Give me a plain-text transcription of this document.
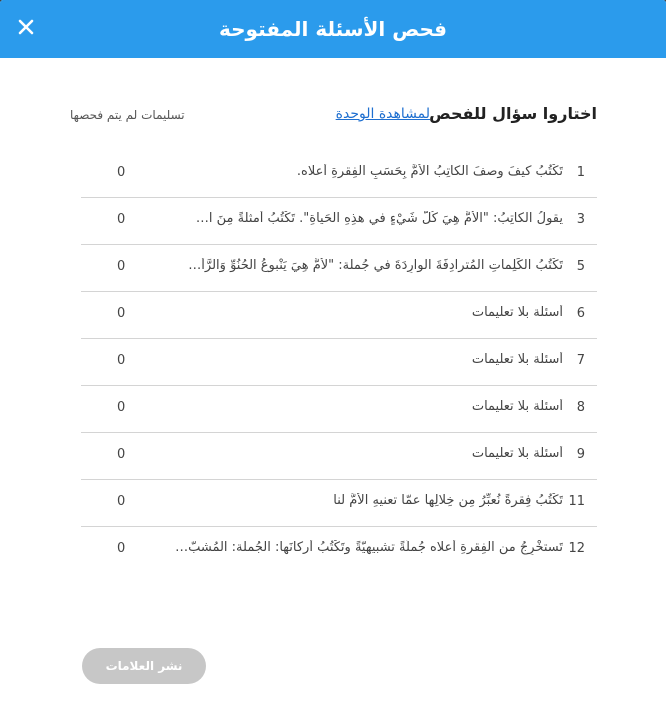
فحص الأسئلة المفتوحة
اختاروا سؤال للفحص
لمشاهدة الوحدة
تسليمات لم يتم فحصها
1
تَكْتُبُ كيفَ وصفَ الكاتِبُ الأُمَّ بِحَسَبِ الفِقرةِ أعلاه.
0
3
يقولُ الكاتِبُ: "الأُمُّ هِيَ كُلُّ شَيْءٍ في هذِهِ الحَياةِ". تَكْتُبُ أمثلةً مِنَ ا…
0
5
تَكْتُبُ الكَلِماتِ المُترادِفَةَ الوارِدَةَ في جُملة: "لأمُّ هِيَ يَنْبوعُ الحُنُوِّ وَالرَّأ…
0
6
أسئلة بلا تعليمات
0
7
أسئلة بلا تعليمات
0
8
أسئلة بلا تعليمات
0
9
أسئلة بلا تعليمات
0
11
تَكْتُبُ فِقرةً نُعبِّرُ مِن خِلالِها عمّا تعنيهِ الأمُّ لنا
0
12
تَستخْرِجُ من الفِقرةِ أعلاه جُملَةً تشبيهيّةً وتَكْتُبُ أركانَها: الجُملة: المُشبّ…
0
نشر العلامات
